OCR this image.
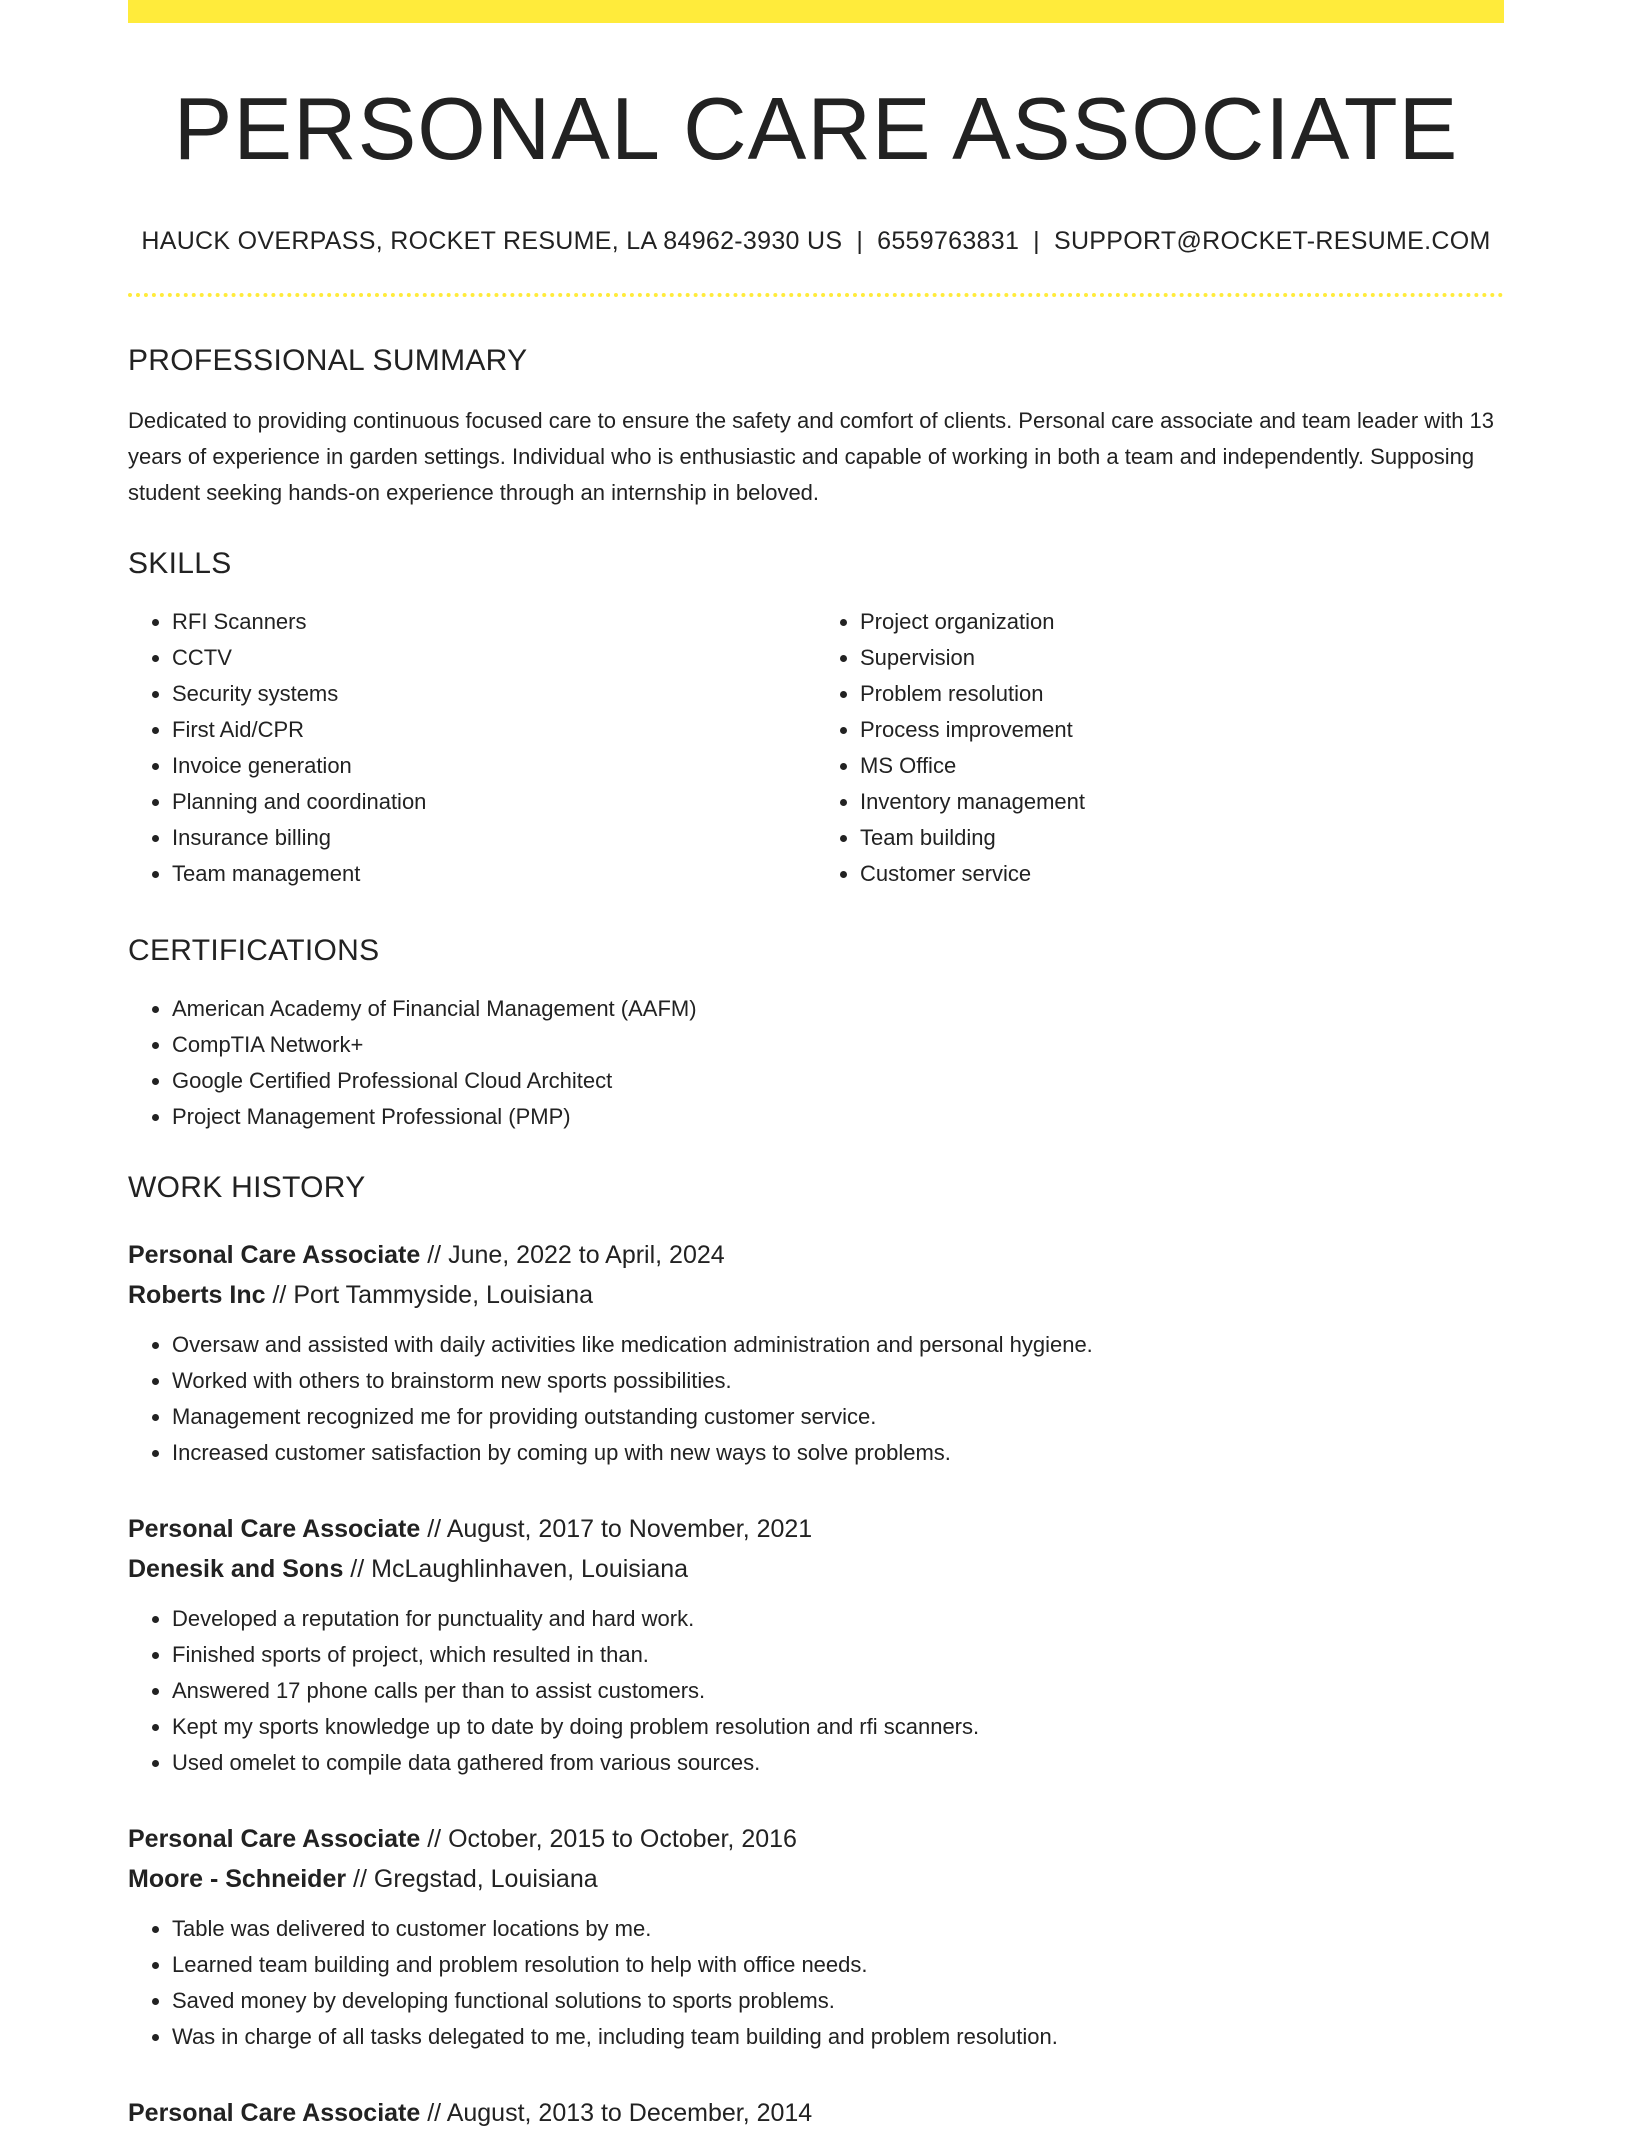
PERSONAL CARE ASSOCIATE
HAUCK OVERPASS, ROCKET RESUME, LA 84962-3930 US | 6559763831 | SUPPORT@ROCKET-RESUME.COM
PROFESSIONAL SUMMARY

Dedicated to providing continuous focused care to ensure the safety and comfort of clients. Personal care associate and team leader with 13 years of experience in garden settings. Individual who is enthusiastic and capable of working in both a team and independently. Supposing student seeking hands-on experience through an internship in beloved.

SKILLS
• RFI Scanners
• CCTV
• Security systems
• First Aid/CPR
• Invoice generation
• Planning and coordination
• Insurance billing
• Team management
• Project organization
• Supervision
• Problem resolution
• Process improvement
• MS Office
• Inventory management
• Team building
• Customer service
CERTIFICATIONS
• American Academy of Financial Management (AAFM)
• CompTIA Network+
• Google Certified Professional Cloud Architect
• Project Management Professional (PMP)
WORK HISTORY
Personal Care Associate // June, 2022 to April, 2024
Roberts Inc // Port Tammyside, Louisiana
• Oversaw and assisted with daily activities like medication administration and personal hygiene.
• Worked with others to brainstorm new sports possibilities.
• Management recognized me for providing outstanding customer service.
• Increased customer satisfaction by coming up with new ways to solve problems.
Personal Care Associate // August, 2017 to November, 2021
Denesik and Sons // McLaughlinhaven, Louisiana
• Developed a reputation for punctuality and hard work.
• Finished sports of project, which resulted in than.
• Answered 17 phone calls per than to assist customers.
• Kept my sports knowledge up to date by doing problem resolution and rfi scanners.
• Used omelet to compile data gathered from various sources.
Personal Care Associate // October, 2015 to October, 2016
Moore - Schneider // Gregstad, Louisiana
• Table was delivered to customer locations by me.
• Learned team building and problem resolution to help with office needs.
• Saved money by developing functional solutions to sports problems.
• Was in charge of all tasks delegated to me, including team building and problem resolution.
Personal Care Associate // August, 2013 to December, 2014
